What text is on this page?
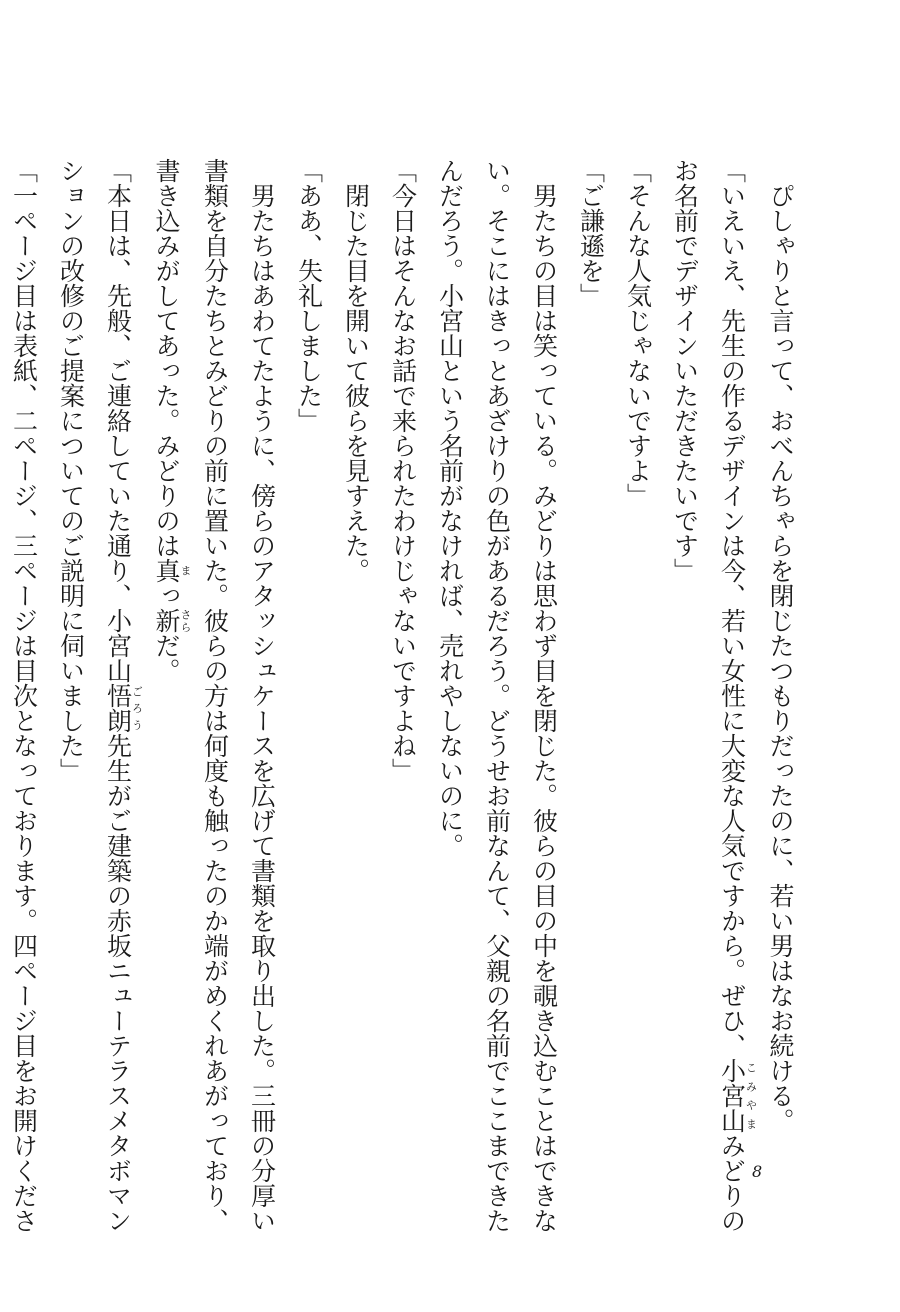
ぴしゃりと言って、おべんちゃらを閉じたつもりだったのに、若い男はなお続ける。

「いえいえ、先生の作るデザインは今、若い女性に大変な人気ですから。ぜひ、小宮山こみやまみどりの

お名前でデザインいただきたいです」

「そんな人気じゃないですよ」

「ご謙遜を」

男たちの目は笑っている。みどりは思わず目を閉じた。彼らの目の中を覗き込むことはできな

い。そこにはきっとあざけりの色があるだろう。どうせお前なんて、父親の名前でここまできた

んだろう。小宮山という名前がなければ、売れやしないのに。

「今日はそんなお話で来られたわけじゃないですよね」

閉じた目を開いて彼らを見すえた。

「ああ、失礼しました」

男たちはあわてたように、傍らのアタッシュケースを広げて書類を取り出した。三冊の分厚い

書類を自分たちとみどりの前に置いた。彼らの方は何度も触ったのか端がめくれあがっており、

書き込みがしてあった。みどりのは真まっ新さらだ。

「本日は、先般、ご連絡していた通り、小宮山悟朗ごろう先生がご建築の赤坂ニューテラスメタボマン

ションの改修のご提案についてのご説明に伺いました」

「一ページ目は表紙、二ページ、三ページは目次となっております。四ページ目をお開けくださ	8
